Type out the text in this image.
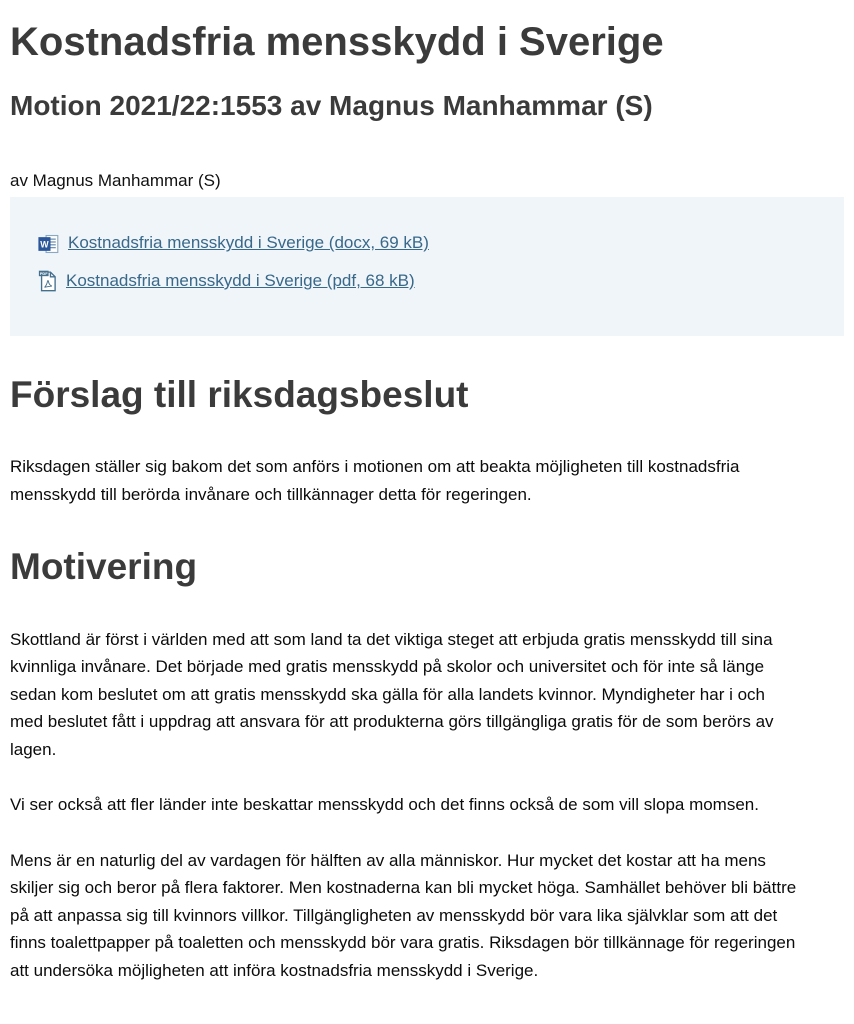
Kostnadsfria mensskydd i Sverige
Motion 2021/22:1553 av Magnus Manhammar (S)

av Magnus Manhammar (S)

W Kostnadsfria mensskydd i Sverige (docx, 69 kB)
PDF Kostnadsfria mensskydd i Sverige (pdf, 68 kB)
Förslag till riksdagsbeslut

Riksdagen ställer sig bakom det som anförs i motionen om att beakta möjligheten till kostnadsfria mensskydd till berörda invånare och tillkännager detta för regeringen.

Motivering

Skottland är först i världen med att som land ta det viktiga steget att erbjuda gratis mensskydd till sina kvinnliga invånare. Det började med gratis mensskydd på skolor och universitet och för inte så länge sedan kom beslutet om att gratis mensskydd ska gälla för alla landets kvinnor. Myndigheter har i och med beslutet fått i uppdrag att ansvara för att produkterna görs tillgängliga gratis för de som berörs av lagen.

Vi ser också att fler länder inte beskattar mensskydd och det finns också de som vill slopa momsen.

Mens är en naturlig del av vardagen för hälften av alla människor. Hur mycket det kostar att ha mens skiljer sig och beror på flera faktorer. Men kostnaderna kan bli mycket höga. Samhället behöver bli bättre på att anpassa sig till kvinnors villkor. Tillgängligheten av mensskydd bör vara lika självklar som att det finns toalettpapper på toaletten och mensskydd bör vara gratis. Riksdagen bör tillkännage för regeringen att undersöka möjligheten att införa kostnadsfria mensskydd i Sverige.
